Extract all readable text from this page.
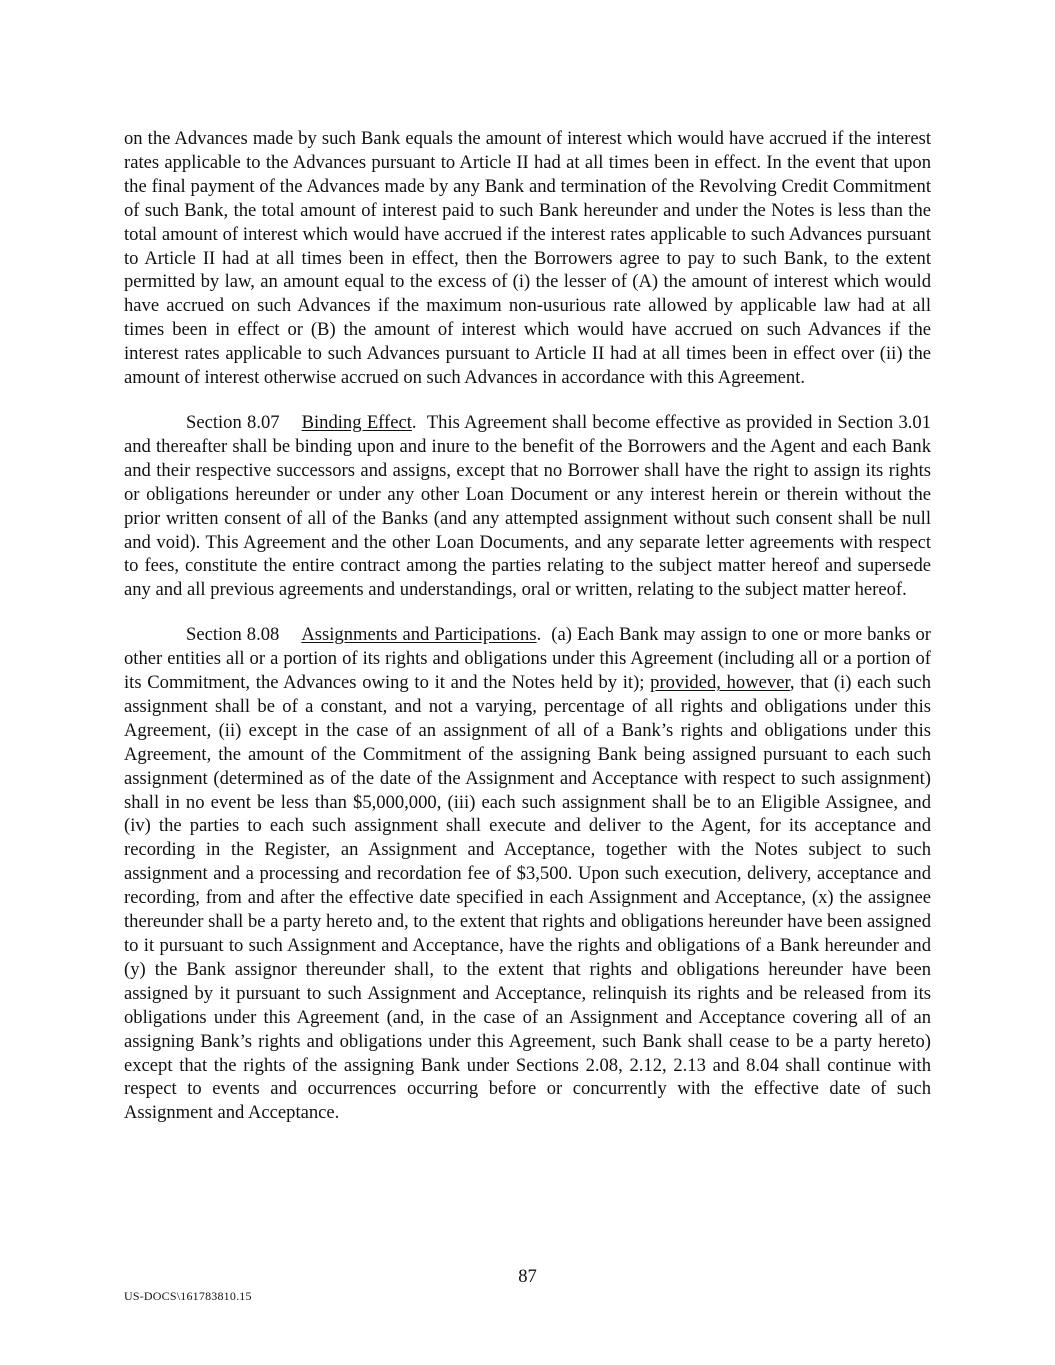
on the Advances made by such Bank equals the amount of interest which would have accrued if the interest rates applicable to the Advances pursuant to Article II had at all times been in effect. In the event that upon the final payment of the Advances made by any Bank and termination of the Revolving Credit Commitment of such Bank, the total amount of interest paid to such Bank hereunder and under the Notes is less than the total amount of interest which would have accrued if the interest rates applicable to such Advances pursuant to Article II had at all times been in effect, then the Borrowers agree to pay to such Bank, to the extent permitted by law, an amount equal to the excess of (i) the lesser of (A) the amount of interest which would have accrued on such Advances if the maximum non-usurious rate allowed by applicable law had at all times been in effect or (B) the amount of interest which would have accrued on such Advances if the interest rates applicable to such Advances pursuant to Article II had at all times been in effect over (ii) the amount of interest otherwise accrued on such Advances in accordance with this Agreement.

Section 8.07 Binding Effect. This Agreement shall become effective as provided in Section 3.01 and thereafter shall be binding upon and inure to the benefit of the Borrowers and the Agent and each Bank and their respective successors and assigns, except that no Borrower shall have the right to assign its rights or obligations hereunder or under any other Loan Document or any interest herein or therein without the prior written consent of all of the Banks (and any attempted assignment without such consent shall be null and void). This Agreement and the other Loan Documents, and any separate letter agreements with respect to fees, constitute the entire contract among the parties relating to the subject matter hereof and supersede any and all previous agreements and understandings, oral or written, relating to the subject matter hereof.

Section 8.08 Assignments and Participations. (a) Each Bank may assign to one or more banks or other entities all or a portion of its rights and obligations under this Agreement (including all or a portion of its Commitment, the Advances owing to it and the Notes held by it); provided, however, that (i) each such assignment shall be of a constant, and not a varying, percentage of all rights and obligations under this Agreement, (ii) except in the case of an assignment of all of a Bank’s rights and obligations under this Agreement, the amount of the Commitment of the assigning Bank being assigned pursuant to each such assignment (determined as of the date of the Assignment and Acceptance with respect to such assignment) shall in no event be less than $5,000,000, (iii) each such assignment shall be to an Eligible Assignee, and (iv) the parties to each such assignment shall execute and deliver to the Agent, for its acceptance and recording in the Register, an Assignment and Acceptance, together with the Notes subject to such assignment and a processing and recordation fee of $3,500. Upon such execution, delivery, acceptance and recording, from and after the effective date specified in each Assignment and Acceptance, (x) the assignee thereunder shall be a party hereto and, to the extent that rights and obligations hereunder have been assigned to it pursuant to such Assignment and Acceptance, have the rights and obligations of a Bank hereunder and (y) the Bank assignor thereunder shall, to the extent that rights and obligations hereunder have been assigned by it pursuant to such Assignment and Acceptance, relinquish its rights and be released from its obligations under this Agreement (and, in the case of an Assignment and Acceptance covering all of an assigning Bank’s rights and obligations under this Agreement, such Bank shall cease to be a party hereto) except that the rights of the assigning Bank under Sections 2.08, 2.12, 2.13 and 8.04 shall continue with respect to events and occurrences occurring before or concurrently with the effective date of such Assignment and Acceptance.

87
US-DOCS\161783810.15
